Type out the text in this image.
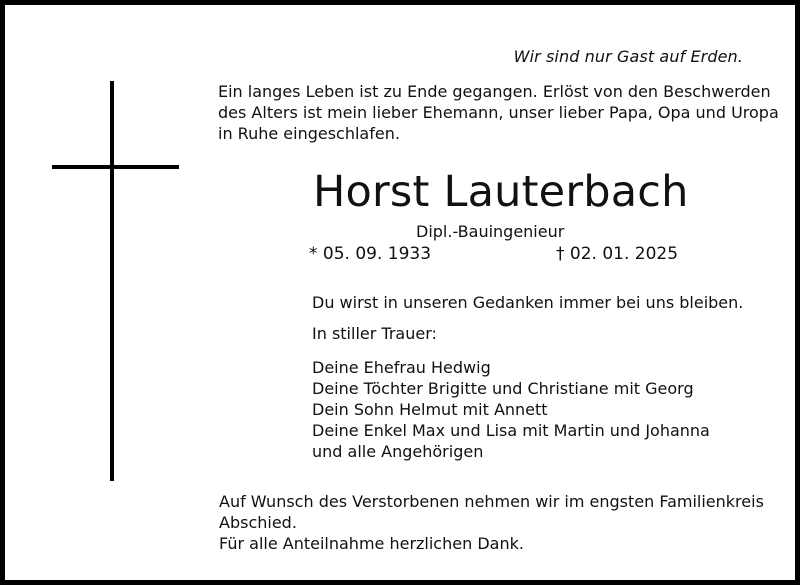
Wir sind nur Gast auf Erden.
Ein langes Leben ist zu Ende gegangen. Erlöst von den Beschwerden
des Alters ist mein lieber Ehemann, unser lieber Papa, Opa und Uropa
in Ruhe eingeschlafen.
Horst Lauterbach
Dipl.-Bauingenieur
* 05. 09. 1933	† 02. 01. 2025
Du wirst in unseren Gedanken immer bei uns bleiben.
In stiller Trauer:
Deine Ehefrau Hedwig
Deine Töchter Brigitte und Christiane mit Georg
Dein Sohn Helmut mit Annett
Deine Enkel Max und Lisa mit Martin und Johanna
und alle Angehörigen
Auf Wunsch des Verstorbenen nehmen wir im engsten Familienkreis
Abschied.
Für alle Anteilnahme herzlichen Dank.
